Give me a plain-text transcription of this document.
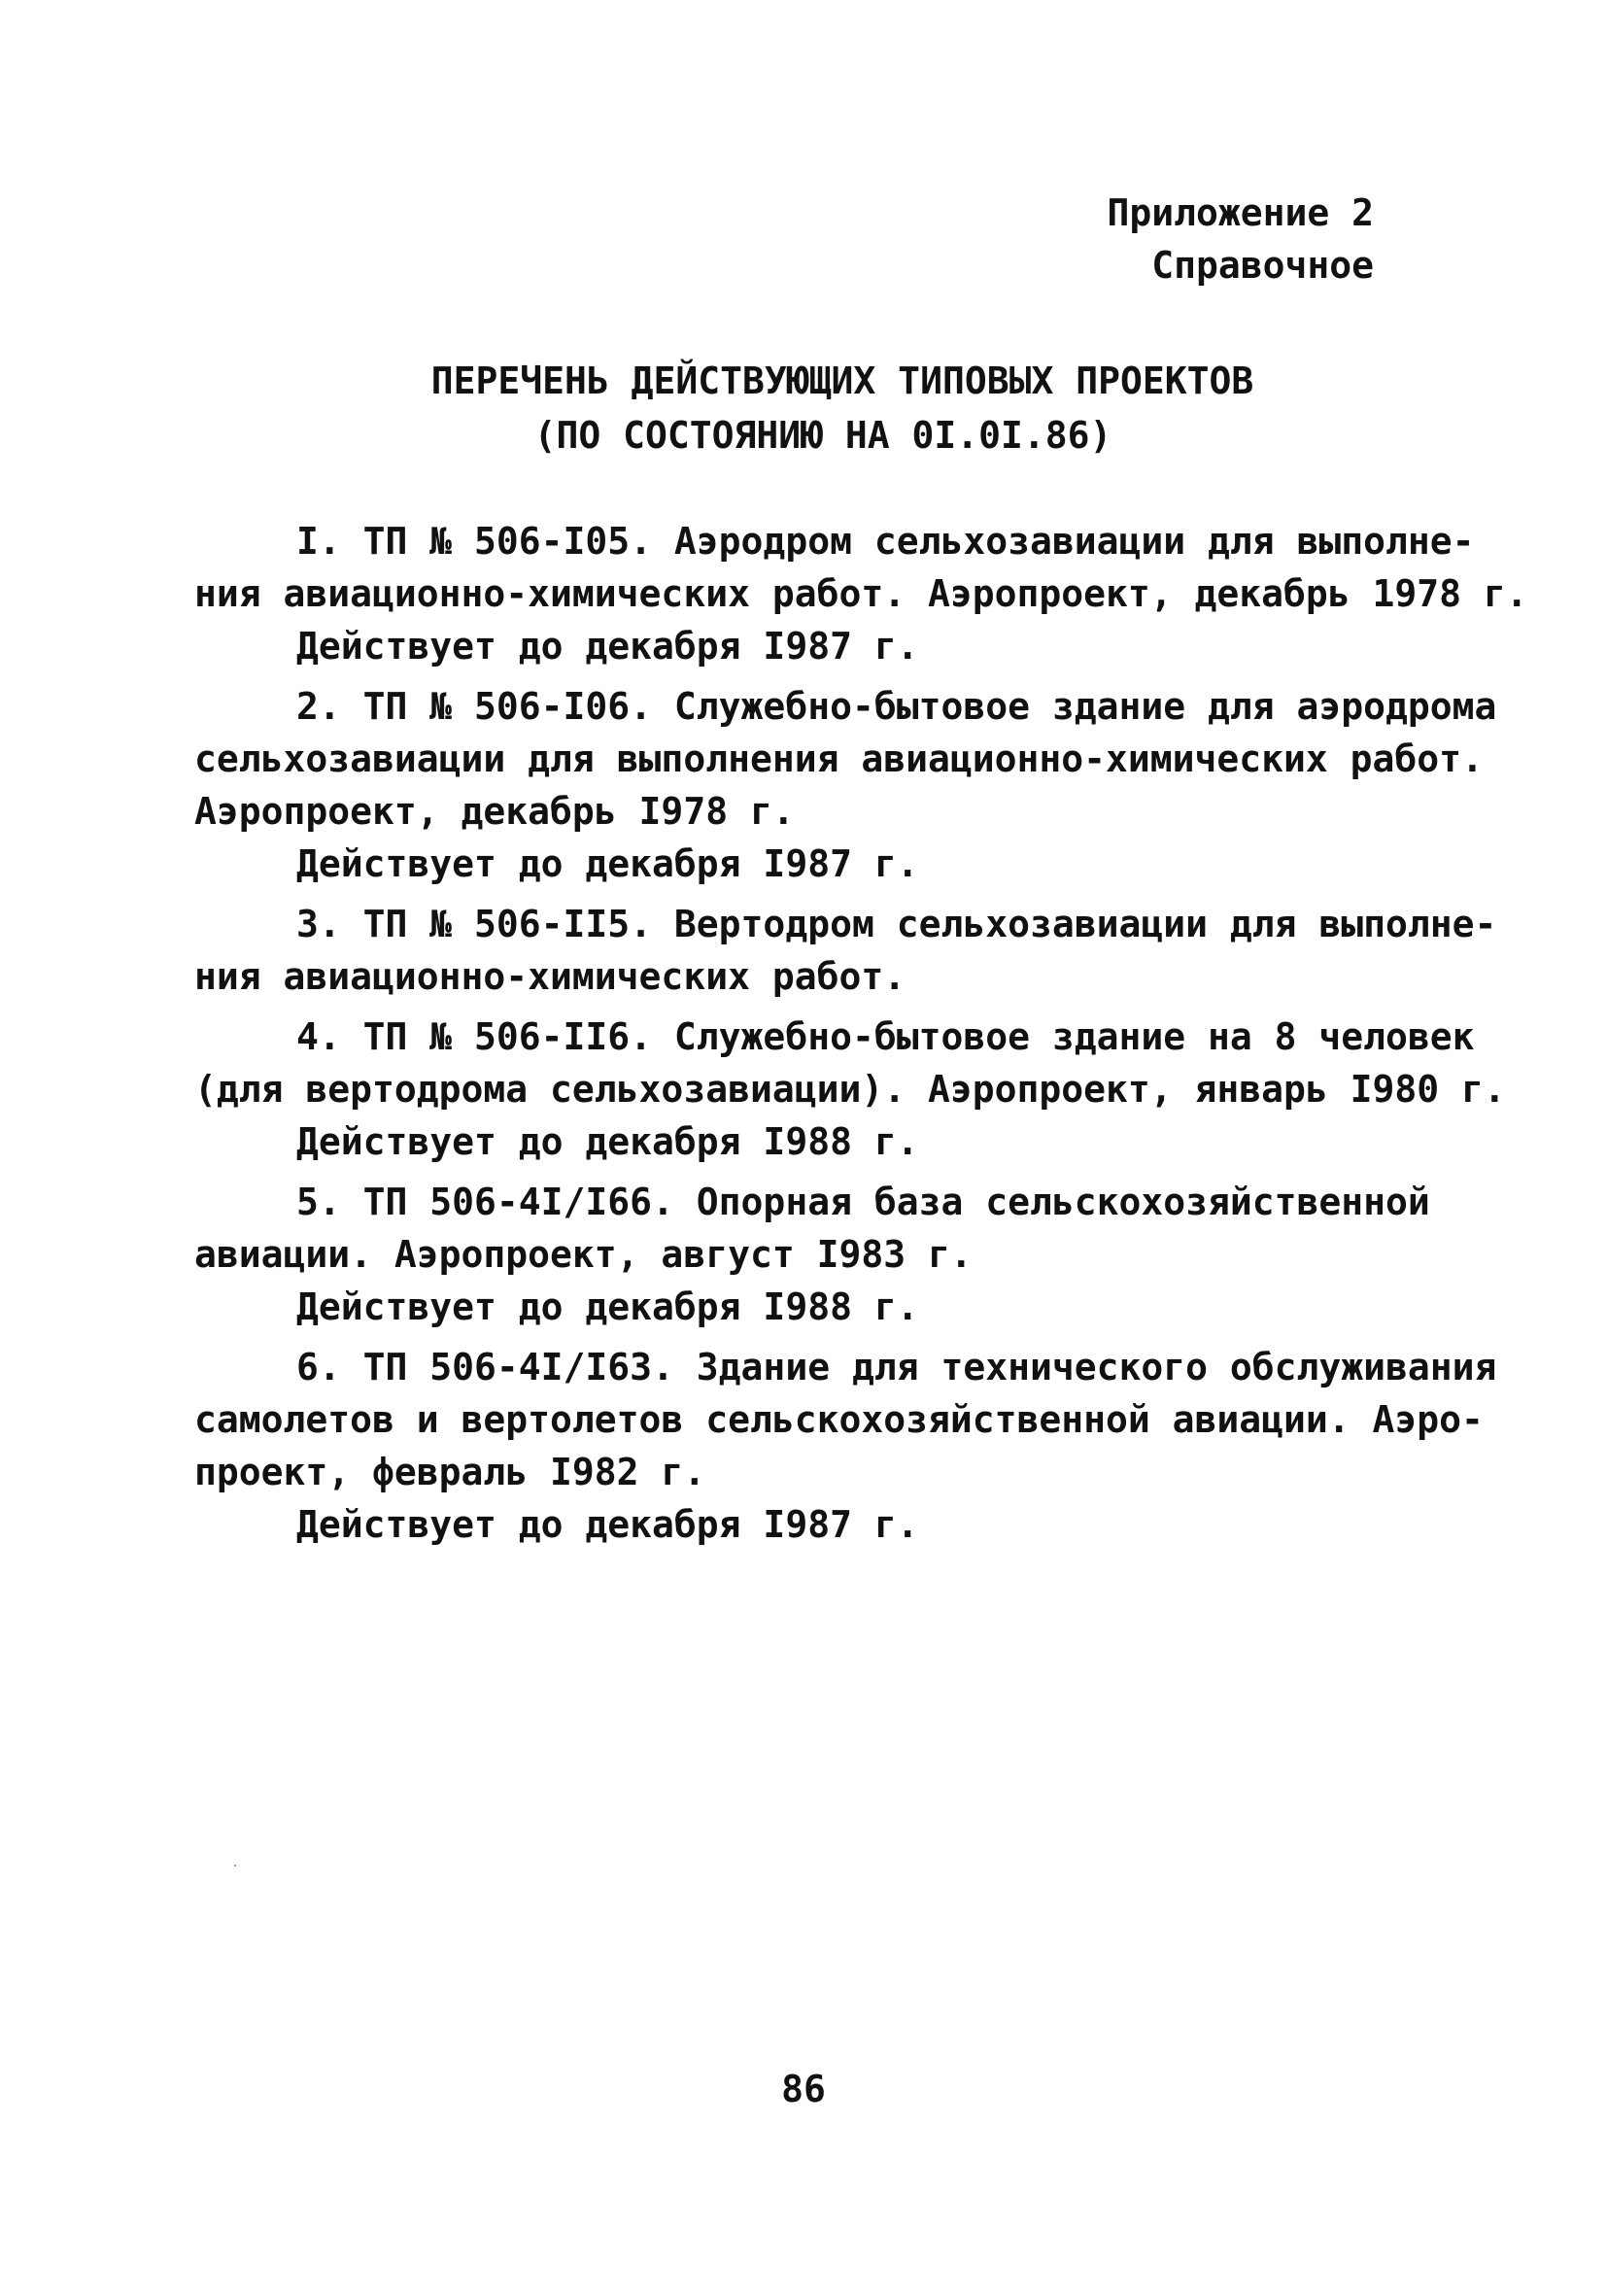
Приложение 2
Справочное
ПЕРЕЧЕНЬ ДЕЙСТВУЮЩИХ ТИПОВЫХ ПРОЕКТОВ
(ПО СОСТОЯНИЮ НА 0I.0I.86)
I. ТП № 506-I05. Аэродром сельхозавиации для выполне-
ния авиационно-химических работ. Аэропроект, декабрь 1978 г.
Действует до декабря I987 г.
2. ТП № 506-I06. Служебно-бытовое здание для аэродрома
сельхозавиации для выполнения авиационно-химических работ.
Аэропроект, декабрь I978 г.
Действует до декабря I987 г.
3. ТП № 506-II5. Вертодром сельхозавиации для выполне-
ния авиационно-химических работ.
4. ТП № 506-II6. Служебно-бытовое здание на 8 человек
(для вертодрома сельхозавиации). Аэропроект, январь I980 г.
Действует до декабря I988 г.
5. ТП 506-4I/I66. Опорная база сельскохозяйственной
авиации. Аэропроект, август I983 г.
Действует до декабря I988 г.
6. ТП 506-4I/I63. Здание для технического обслуживания
самолетов и вертолетов сельскохозяйственной авиации. Аэро-
проект, февраль I982 г.
Действует до декабря I987 г.
86
